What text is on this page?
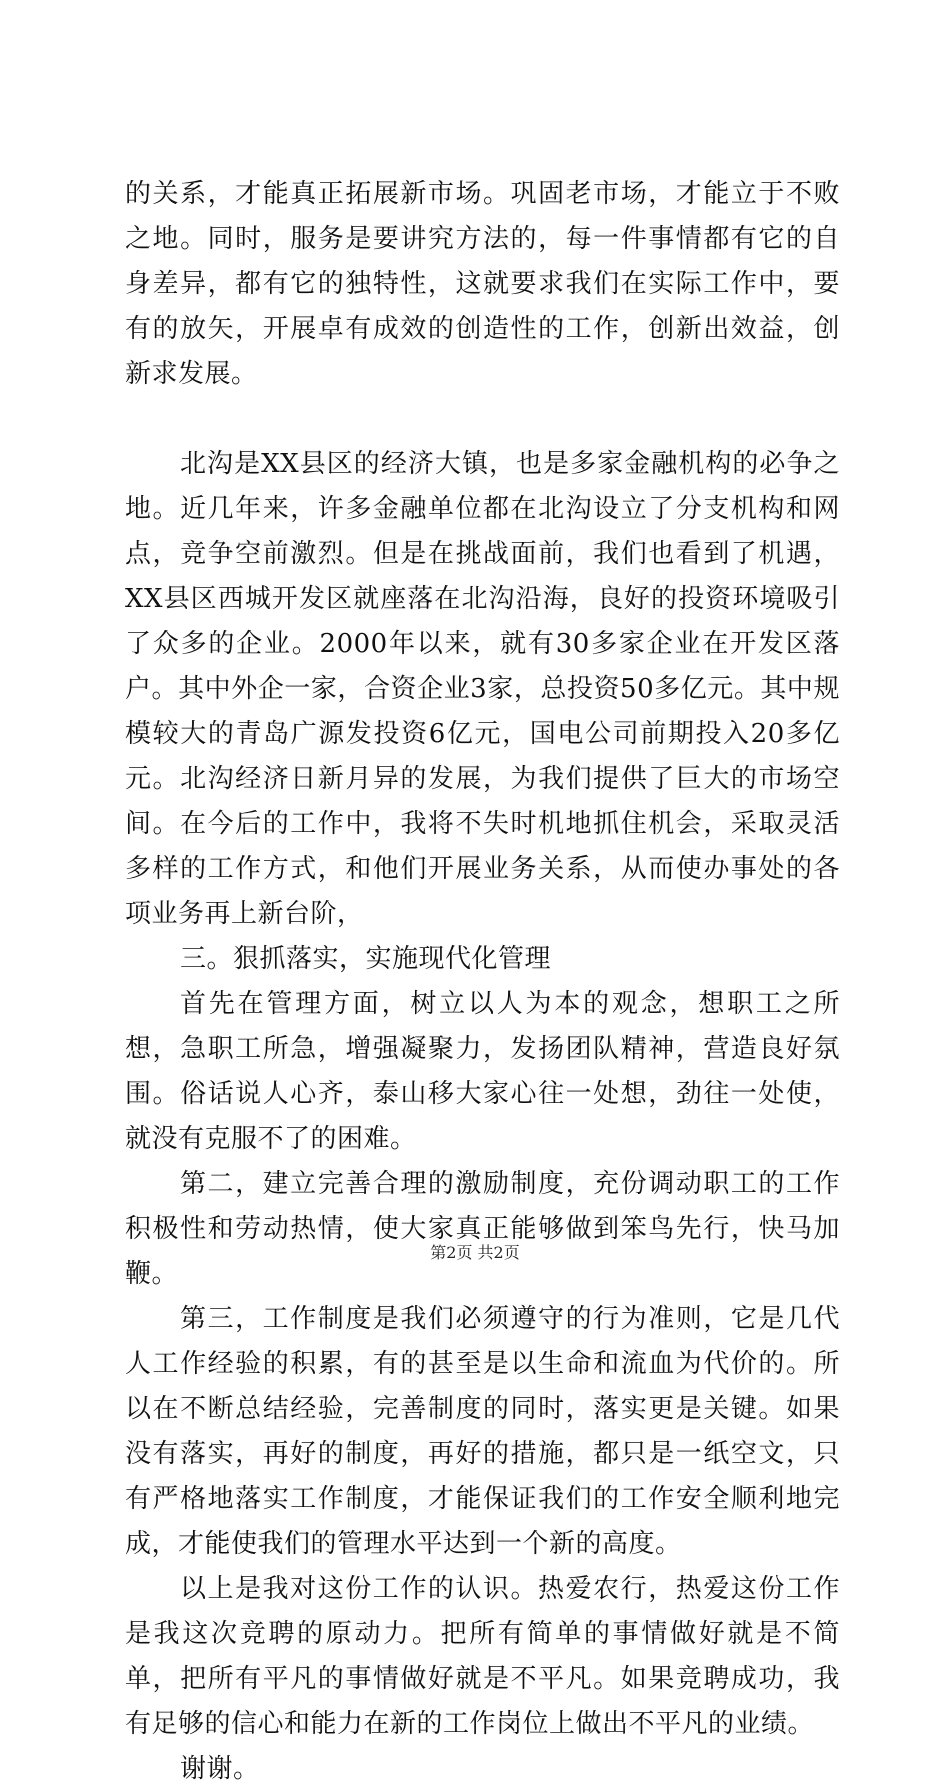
的关系，才能真正拓展新市场。巩固老市场，才能立于不败之地。同时，服务是要讲究方法的，每一件事情都有它的自身差异，都有它的独特性，这就要求我们在实际工作中，要有的放矢，开展卓有成效的创造性的工作，创新出效益，创新求发展。

北沟是XX县区的经济大镇，也是多家金融机构的必争之地。近几年来，许多金融单位都在北沟设立了分支机构和网点，竞争空前激烈。但是在挑战面前，我们也看到了机遇，XX县区西城开发区就座落在北沟沿海，良好的投资环境吸引了众多的企业。2000年以来，就有30多家企业在开发区落户。其中外企一家，合资企业3家，总投资50多亿元。其中规模较大的青岛广源发投资6亿元，国电公司前期投入20多亿元。北沟经济日新月异的发展，为我们提供了巨大的市场空间。在今后的工作中，我将不失时机地抓住机会，采取灵活多样的工作方式，和他们开展业务关系，从而使办事处的各项业务再上新台阶，

三。狠抓落实，实施现代化管理

首先在管理方面，树立以人为本的观念，想职工之所想，急职工所急，增强凝聚力，发扬团队精神，营造良好氛围。俗话说人心齐，泰山移大家心往一处想，劲往一处使，就没有克服不了的困难。

第二，建立完善合理的激励制度，充份调动职工的工作积极性和劳动热情，使大家真正能够做到笨鸟先行，快马加鞭。

第三，工作制度是我们必须遵守的行为准则，它是几代人工作经验的积累，有的甚至是以生命和流血为代价的。所以在不断总结经验，完善制度的同时，落实更是关键。如果没有落实，再好的制度，再好的措施，都只是一纸空文，只有严格地落实工作制度，才能保证我们的工作安全顺利地完成，才能使我们的管理水平达到一个新的高度。

以上是我对这份工作的认识。热爱农行，热爱这份工作是我这次竞聘的原动力。把所有简单的事情做好就是不简单，把所有平凡的事情做好就是不平凡。如果竞聘成功，我有足够的信心和能力在新的工作岗位上做出不平凡的业绩。

谢谢。

第2页 共2页
